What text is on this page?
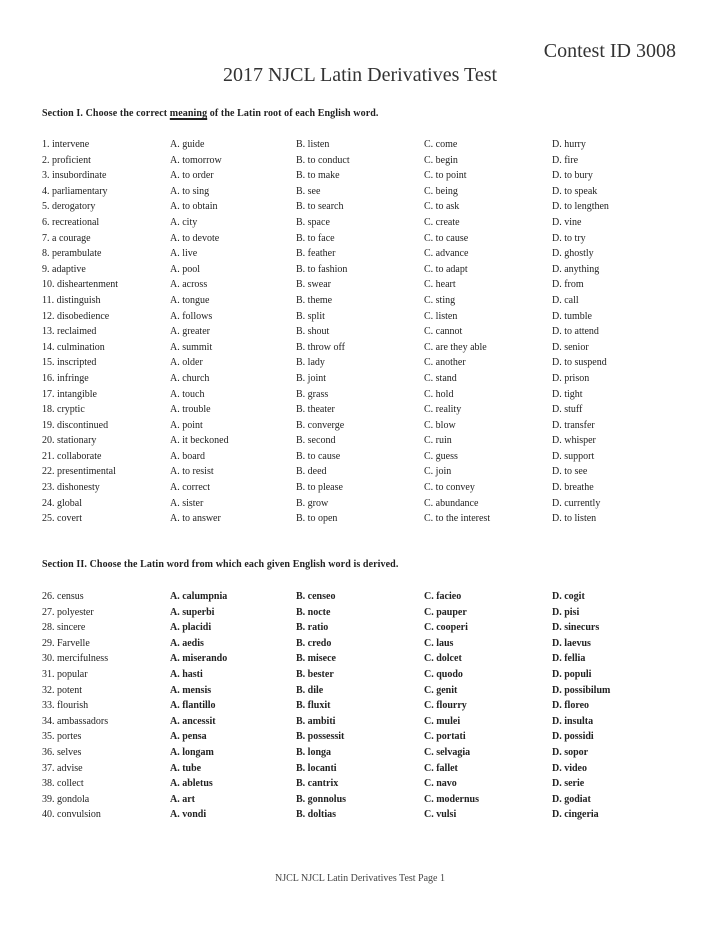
Contest ID 3008
2017 NJCL Latin Derivatives Test
Section I. Choose the correct meaning of the Latin root of each English word.
1. intervene	A. guide	B. listen	C. come	D. hurry
2. proficient	A. tomorrow	B. to conduct	C. begin	D. fire
3. insubordinate	A. to order	B. to make	C. to point	D. to bury
4. parliamentary	A. to sing	B. see	C. being	D. to speak
5. derogatory	A. to obtain	B. to search	C. to ask	D. to lengthen
6. recreational	A. city	B. space	C. create	D. vine
7. a courage	A. to devote	B. to face	C. to cause	D. to try
8. perambulate	A. live	B. feather	C. advance	D. ghostly
9. adaptive	A. pool	B. to fashion	C. to adapt	D. anything
10. disheartenment	A. across	B. swear	C. heart	D. from
11. distinguish	A. tongue	B. theme	C. sting	D. call
12. disobedience	A. follows	B. split	C. listen	D. tumble
13. reclaimed	A. greater	B. shout	C. cannot	D. to attend
14. culmination	A. summit	B. throw off	C. are they able	D. senior
15. inscripted	A. older	B. lady	C. another	D. to suspend
16. infringe	A. church	B. joint	C. stand	D. prison
17. intangible	A. touch	B. grass	C. hold	D. tight
18. cryptic	A. trouble	B. theater	C. reality	D. stuff
19. discontinued	A. point	B. converge	C. blow	D. transfer
20. stationary	A. it beckoned	B. second	C. ruin	D. whisper
21. collaborate	A. board	B. to cause	C. guess	D. support
22. presentimental	A. to resist	B. deed	C. join	D. to see
23. dishonesty	A. correct	B. to please	C. to convey	D. breathe
24. global	A. sister	B. grow	C. abundance	D. currently
25. covert	A. to answer	B. to open	C. to the interest	D. to listen
Section II. Choose the Latin word from which each given English word is derived.
26. census	A. calumpnia	B. censeo	C. facieo	D. cogit
27. polyester	A. superbi	B. nocte	C. pauper	D. pisi
28. sincere	A. placidi	B. ratio	C. cooperi	D. sinecurs
29. Farvelle	A. aedis	B. credo	C. laus	D. laevus
30. mercifulness	A. miserando	B. misece	C. dolcet	D. fellia
31. popular	A. hasti	B. bester	C. quodo	D. populi
32. potent	A. mensis	B. dile	C. genit	D. possibilum
33. flourish	A. flantillo	B. fluxit	C. flourry	D. floreo
34. ambassadors	A. ancessit	B. ambiti	C. mulei	D. insulta
35. portes	A. pensa	B. possessit	C. portati	D. possidi
36. selves	A. longam	B. longa	C. selvagia	D. sopor
37. advise	A. tube	B. locanti	C. fallet	D. video
38. collect	A. abletus	B. cantrix	C. navo	D. serie
39. gondola	A. art	B. gonnolus	C. modernus	D. godiat
40. convulsion	A. vondi	B. doltias	C. vulsi	D. cingeria
NJCL NJCL Latin Derivatives Test Page 1
